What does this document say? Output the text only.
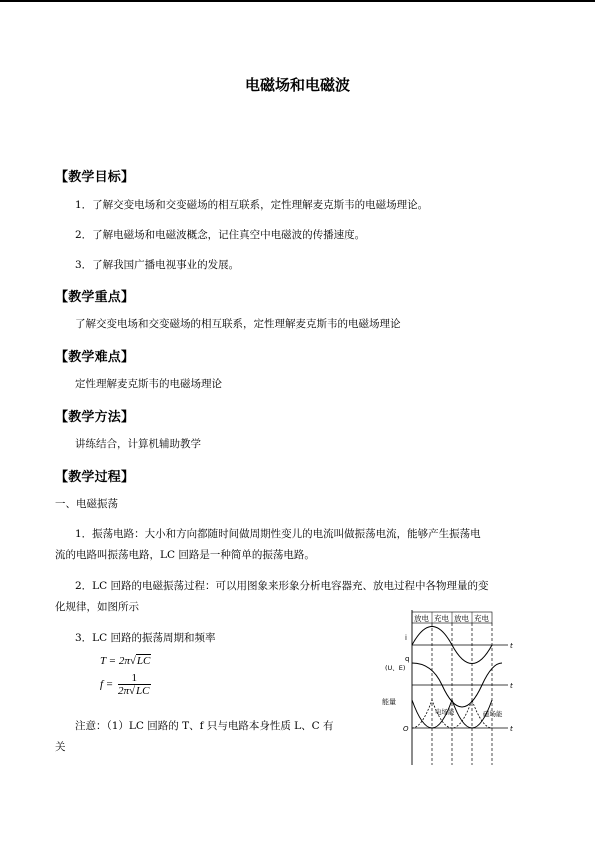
电磁场和电磁波
【教学目标】
1．了解交变电场和交变磁场的相互联系，定性理解麦克斯韦的电磁场理论。
2．了解电磁场和电磁波概念，记住真空中电磁波的传播速度。
3．了解我国广播电视事业的发展。
【教学重点】
了解交变电场和交变磁场的相互联系，定性理解麦克斯韦的电磁场理论
【教学难点】
定性理解麦克斯韦的电磁场理论
【教学方法】
讲练结合，计算机辅助教学
【教学过程】
一、电磁振荡
1．振荡电路：大小和方向都随时间做周期性变儿的电流叫做振荡电流，能够产生振荡电
流的电路叫振荡电路，LC 回路是一种简单的振荡电路。
2．LC 回路的电磁振荡过程：可以用图象来形象分析电容器充、放电过程中各物理量的变
化规律，如图所示
3．LC 回路的振荡周期和频率
T = 2π√LC
$f = \frac{1}{2\pi√LC}$
注意：（1）LC 回路的 T、f 只与电路本身性质 L、C 有
关
放电 充电 放电 充电
i
t
q
(U、E)
t
能量
电场能	磁场能
O	t
